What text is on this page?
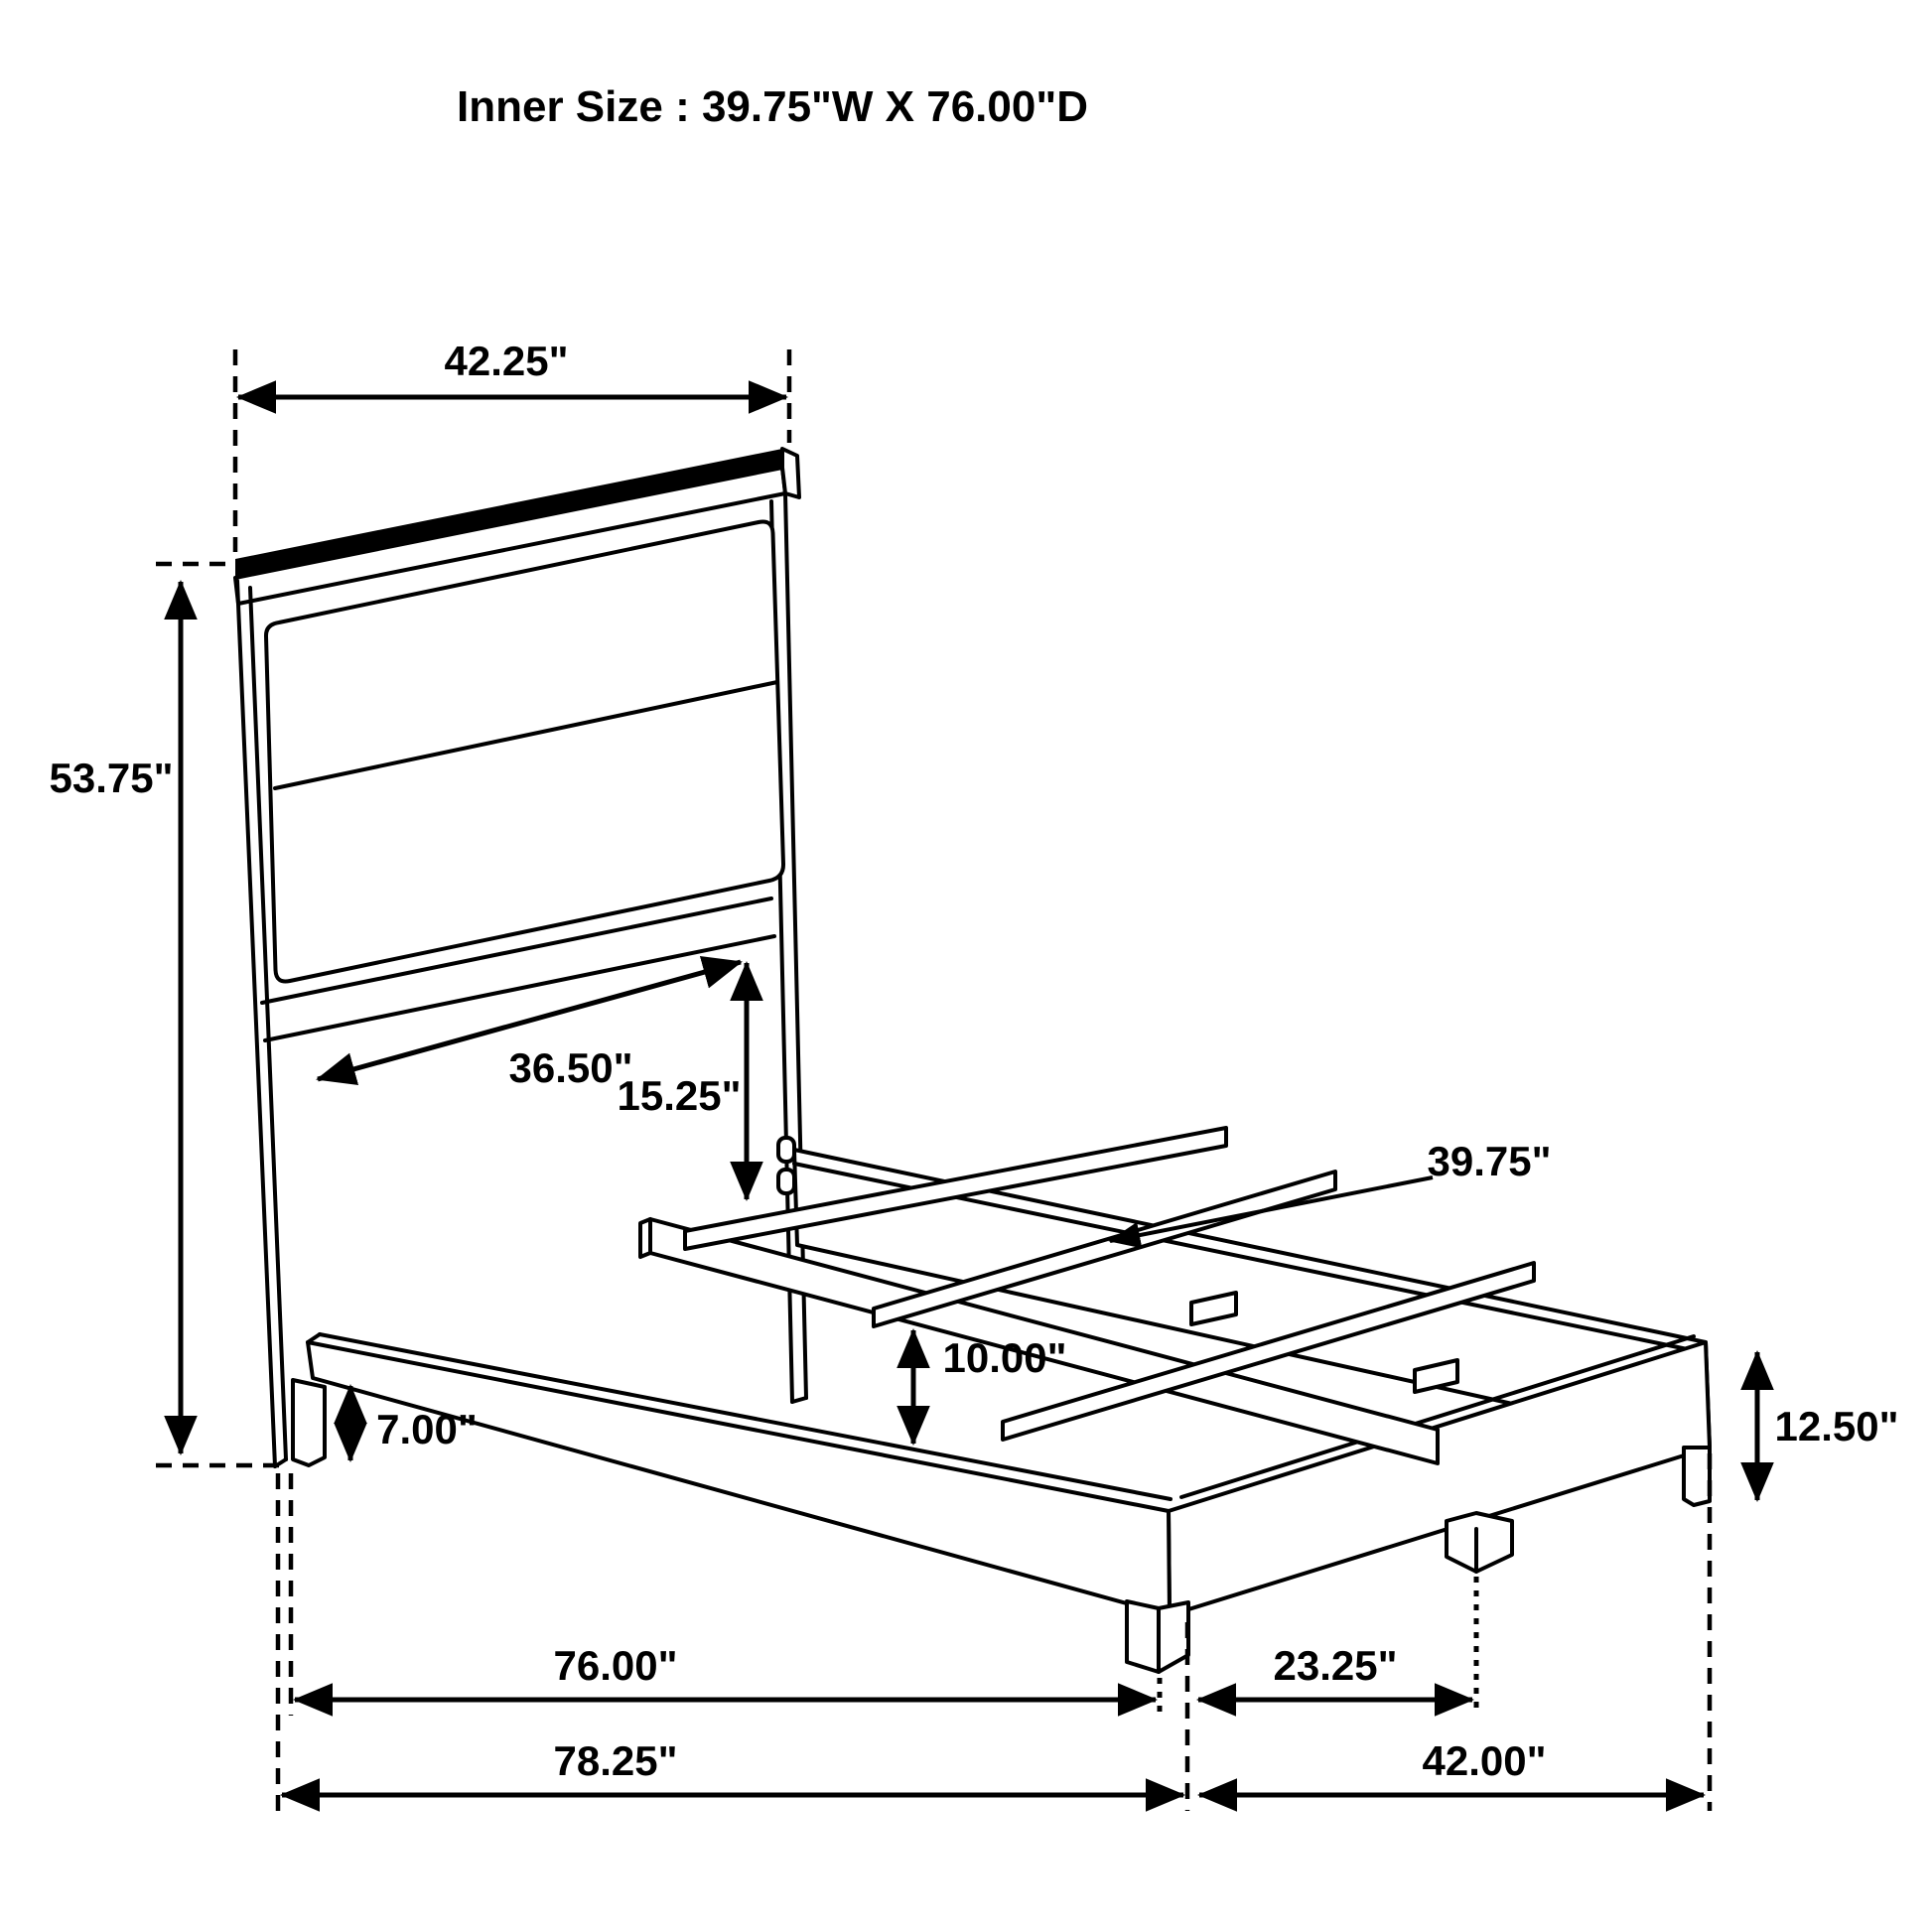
Inner Size : 39.75"W X 76.00"D
42.25"
53.75"
36.50"
15.25"
39.75"
10.00"
7.00"	12.50"
76.00"	23.25"
78.25"	42.00"
